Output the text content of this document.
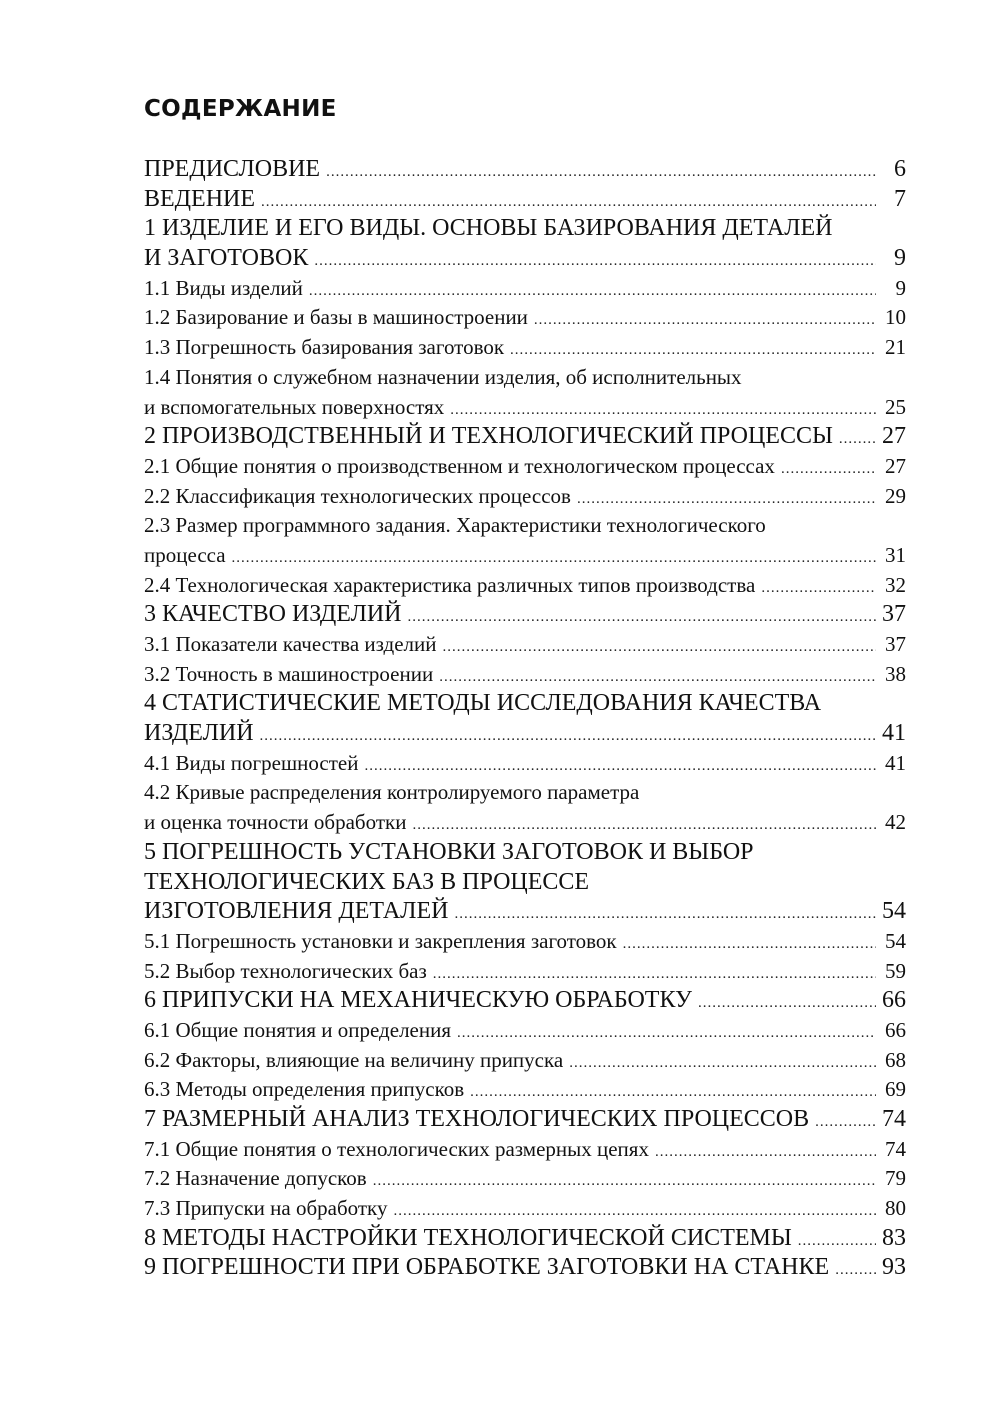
СОДЕРЖАНИЕ
ПРЕДИСЛОВИЕ .....	6
ВЕДЕНИЕ .....	7
1 ИЗДЕЛИЕ И ЕГО ВИДЫ. ОСНОВЫ БАЗИРОВАНИЯ ДЕТАЛЕЙ
И ЗАГОТОВОК .....	9
1.1 Виды изделий .....	9
1.2 Базирование и базы в машиностроении .....	10
1.3 Погрешность базирования заготовок .....	21
1.4 Понятия о служебном назначении изделия, об исполнительных
и вспомогательных поверхностях .....	25
2 ПРОИЗВОДСТВЕННЫЙ И ТЕХНОЛОГИЧЕСКИЙ ПРОЦЕССЫ ..... 27
2.1 Общие понятия о производственном и технологическом процессах .....	27
2.2 Классификация технологических процессов .....	29
2.3 Размер программного задания. Характеристики технологического
процесса .....	31
2.4 Технологическая характеристика различных типов производства .....	32
3 КАЧЕСТВО ИЗДЕЛИЙ .....	37
3.1 Показатели качества изделий .....	37
3.2 Точность в машиностроении .....	38
4 СТАТИСТИЧЕСКИЕ МЕТОДЫ ИССЛЕДОВАНИЯ КАЧЕСТВА
ИЗДЕЛИЙ .....	41
4.1 Виды погрешностей .....	41
4.2 Кривые распределения контролируемого параметра
и оценка точности обработки .....	42
5 ПОГРЕШНОСТЬ УСТАНОВКИ ЗАГОТОВОК И ВЫБОР
ТЕХНОЛОГИЧЕСКИХ БАЗ В ПРОЦЕССЕ
ИЗГОТОВЛЕНИЯ ДЕТАЛЕЙ .....	54
5.1 Погрешность установки и закрепления заготовок .....	54
5.2 Выбор технологических баз .....	59
6 ПРИПУСКИ НА МЕХАНИЧЕСКУЮ ОБРАБОТКУ .....	66
6.1 Общие понятия и определения .....	66
6.2 Факторы, влияющие на величину припуска .....	68
6.3 Методы определения припусков .....	69
7 РАЗМЕРНЫЙ АНАЛИЗ ТЕХНОЛОГИЧЕСКИХ ПРОЦЕССОВ .....	74
7.1 Общие понятия о технологических размерных цепях .....	74
7.2 Назначение допусков .....	79
7.3 Припуски на обработку .....	80
8 МЕТОДЫ НАСТРОЙКИ ТЕХНОЛОГИЧЕСКОЙ СИСТЕМЫ .....	83
9 ПОГРЕШНОСТИ ПРИ ОБРАБОТКЕ ЗАГОТОВКИ НА СТАНКЕ ..... 93
